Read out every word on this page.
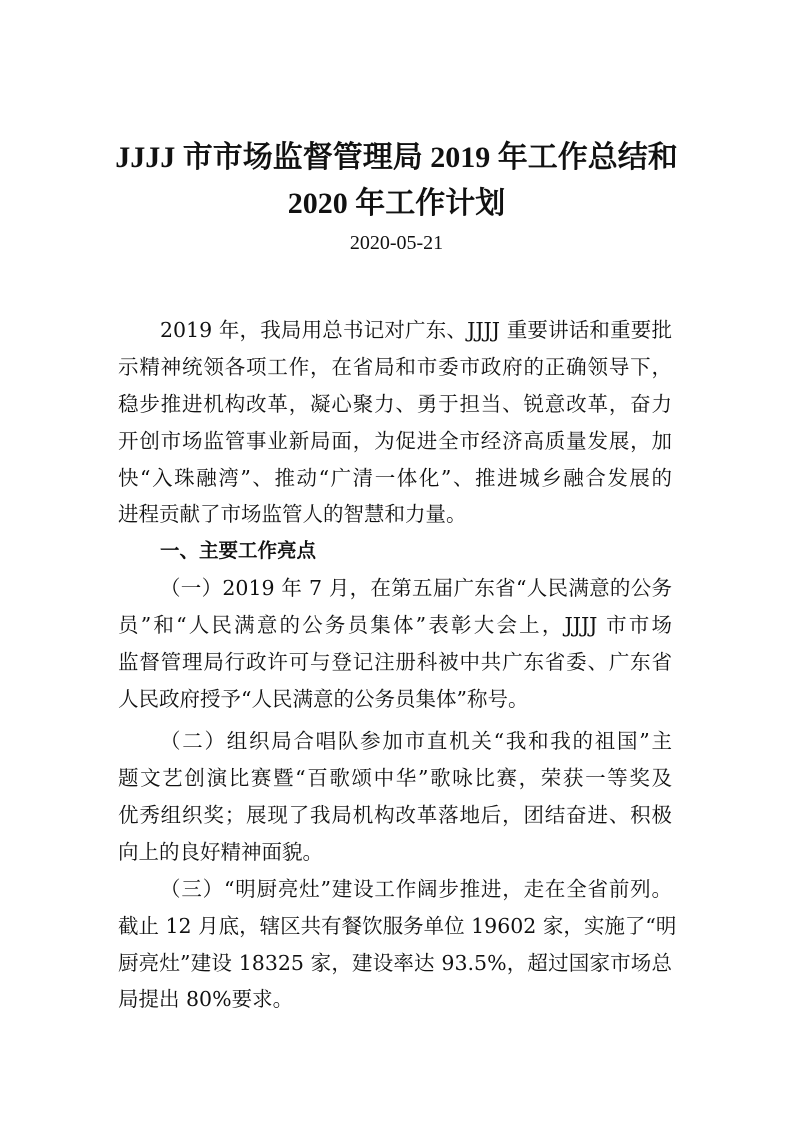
JJJJ 市市场监督管理局 2019 年工作总结和
2020 年工作计划
2020-05-21
2019 年，我局用总书记对广东、JJJJ 重要讲话和重要批
示精神统领各项工作，在省局和市委市政府的正确领导下，
稳步推进机构改革，凝心聚力、勇于担当、锐意改革，奋力
开创市场监管事业新局面，为促进全市经济高质量发展，加
快“入珠融湾”、推动“广清一体化”、推进城乡融合发展的
进程贡献了市场监管人的智慧和力量。
一、主要工作亮点
（一）2019 年 7 月，在第五届广东省“人民满意的公务
员”和“人民满意的公务员集体”表彰大会上，JJJJ 市市场
监督管理局行政许可与登记注册科被中共广东省委、广东省
人民政府授予“人民满意的公务员集体”称号。
（二）组织局合唱队参加市直机关“我和我的祖国”主
题文艺创演比赛暨“百歌颂中华”歌咏比赛，荣获一等奖及
优秀组织奖；展现了我局机构改革落地后，团结奋进、积极
向上的良好精神面貌。
（三）“明厨亮灶”建设工作阔步推进，走在全省前列。
截止 12 月底，辖区共有餐饮服务单位 19602 家，实施了“明
厨亮灶”建设 18325 家，建设率达 93.5%，超过国家市场总
局提出 80%要求。
